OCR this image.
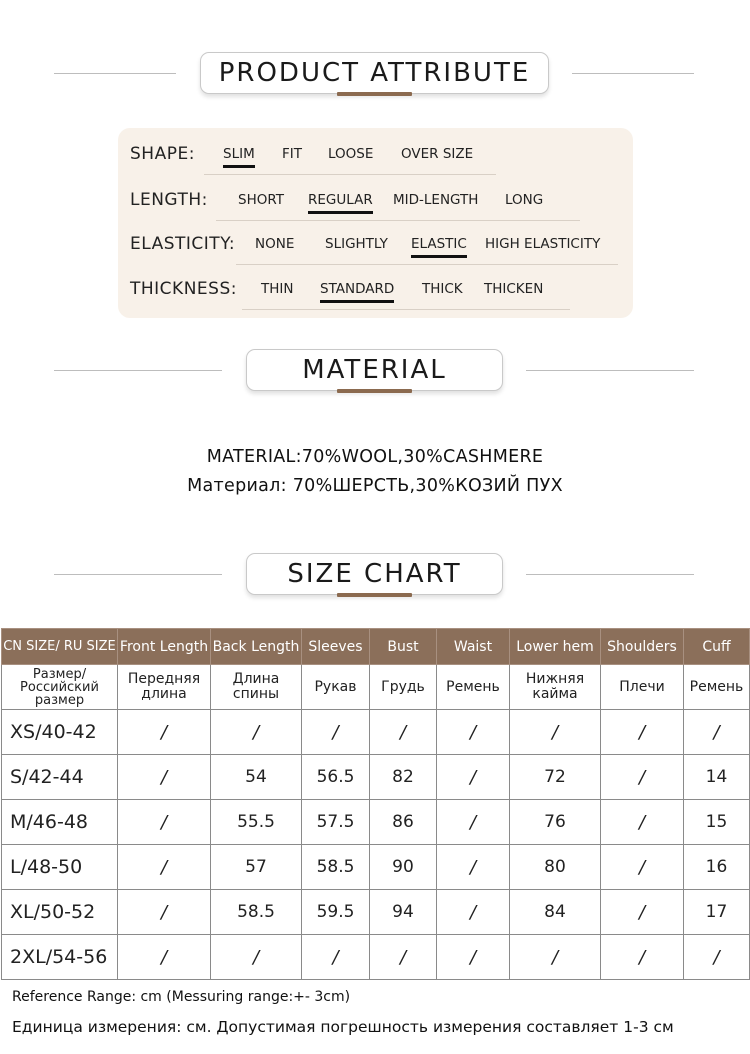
PRODUCT ATTRIBUTE
SHAPE: SLIM FIT LOOSE OVER SIZE
LENGTH: SHORT REGULAR MID-LENGTH LONG
ELASTICITY: NONE SLIGHTLY ELASTIC HIGH ELASTICITY
THICKNESS: THIN STANDARD THICK THICKEN
MATERIAL
MATERIAL:70%WOOL,30%CASHMERE
Материал: 70%ШЕРСТЬ,30%КОЗИЙ ПУХ
SIZE CHART
CN SIZE/ RU SIZE	Front Length	Back Length	Sleeves	Bust	Waist	Lower hem	Shoulders	Cuff
Размер/ Российский размер	Передняя длина	Длина спины	Рукав	Грудь	Ремень	Нижняя кайма	Плечи	Ремень
XS/40-42	/	/	/	/	/	/	/	/
S/42-44	/	54	56.5	82	/	72	/	14
M/46-48	/	55.5	57.5	86	/	76	/	15
L/48-50	/	57	58.5	90	/	80	/	16
XL/50-52	/	58.5	59.5	94	/	84	/	17
2XL/54-56	/	/	/	/	/	/	/	/
Reference Range: cm (Messuring range:+- 3cm)
Единица измерения: см. Допустимая погрешность измерения составляет 1-3 см
